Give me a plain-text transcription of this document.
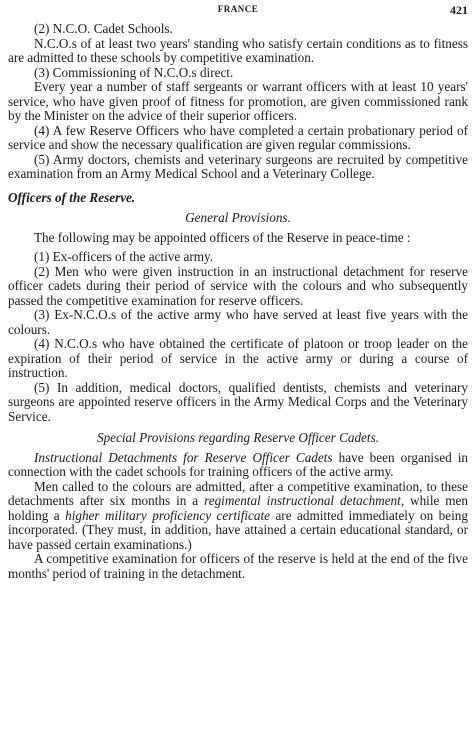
FRANCE	421

(2) N.C.O. Cadet Schools.

N.C.O.s of at least two years' standing who satisfy certain conditions as to fitness are admitted to these schools by competitive examination.

(3) Commissioning of N.C.O.s direct.

Every year a number of staff sergeants or warrant officers with at least 10 years' service, who have given proof of fitness for promotion, are given commissioned rank by the Minister on the advice of their superior officers.

(4) A few Reserve Officers who have completed a certain probationary period of service and show the necessary qualification are given regular commissions.

(5) Army doctors, chemists and veterinary surgeons are recruited by competitive examination from an Army Medical School and a Veterinary College.

Officers of the Reserve.

General Provisions.

The following may be appointed officers of the Reserve in peace-time :

(1) Ex-officers of the active army.

(2) Men who were given instruction in an instructional detachment for reserve officer cadets during their period of service with the colours and who subsequently passed the competitive examination for reserve officers.

(3) Ex-N.C.O.s of the active army who have served at least five years with the colours.

(4) N.C.O.s who have obtained the certificate of platoon or troop leader on the expiration of their period of service in the active army or during a course of instruction.

(5) In addition, medical doctors, qualified dentists, chemists and veterinary surgeons are appointed reserve officers in the Army Medical Corps and the Veterinary Service.

Special Provisions regarding Reserve Officer Cadets.

Instructional Detachments for Reserve Officer Cadets have been organised in connection with the cadet schools for training officers of the active army.

Men called to the colours are admitted, after a competitive examination, to these detachments after six months in a regimental instructional detachment, while men holding a higher military proficiency certificate are admitted immediately on being incorporated. (They must, in addition, have attained a certain educational standard, or have passed certain examinations.)

A competitive examination for officers of the reserve is held at the end of the five months' period of training in the detachment.
